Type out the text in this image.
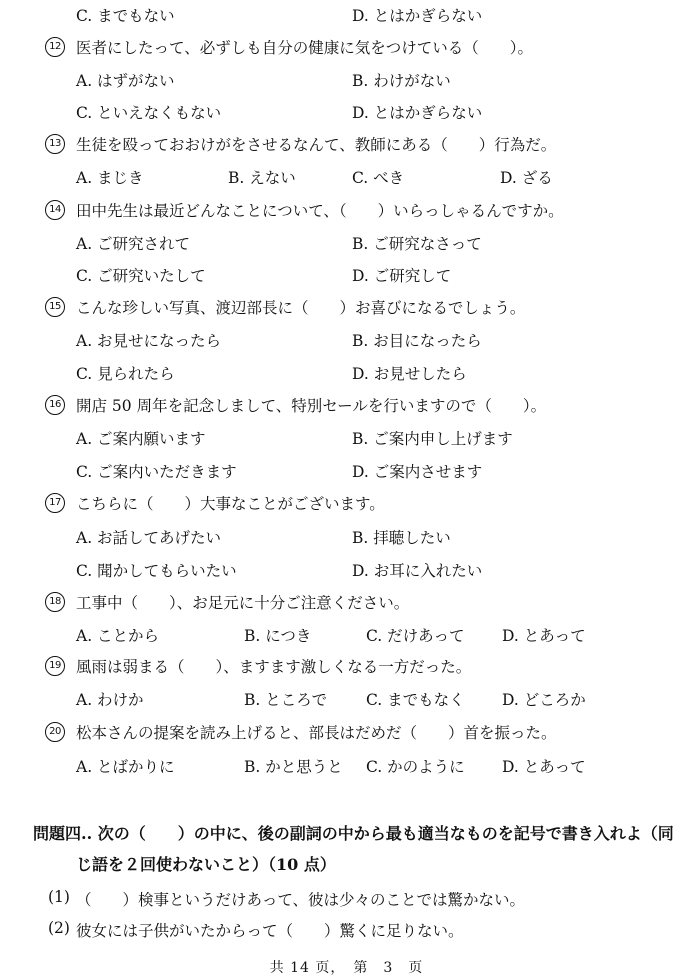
C. までもない	D. とはかぎらない
12 医者にしたって、必ずしも自分の健康に気をつけている（　　）。
A. はずがない	B. わけがない
C. といえなくもない	D. とはかぎらない
13 生徒を殴っておおけがをさせるなんて、教師にある（　　）行為だ。
A. まじき	B. えない	C. べき	D. ざる
14 田中先生は最近どんなことについて、（　　）いらっしゃるんですか。
A. ご研究されて	B. ご研究なさって
C. ご研究いたして	D. ご研究して
15 こんな珍しい写真、渡辺部長に（　　）お喜びになるでしょう。
A. お見せになったら	B. お目になったら
C. 見られたら	D. お見せしたら
16 開店 50 周年を記念しまして、特別セールを行いますので（　　）。
A. ご案内願います	B. ご案内申し上げます
C. ご案内いただきます	D. ご案内させます
17 こちらに（　　）大事なことがございます。
A. お話してあげたい	B. 拝聴したい
C. 聞かしてもらいたい	D. お耳に入れたい
18 工事中（　　）、お足元に十分ご注意ください。
A. ことから	B. につき	C. だけあって D. とあって
19 風雨は弱まる（　　）、ますます激しくなる一方だった。
A. わけか	B. ところで	C. までもなく D. どころか
20 松本さんの提案を読み上げると、部長はだめだ（　　）首を振った。
A. とばかりに	B. かと思うと C. かのように D. とあって
問題四.. 次の（　　）の中に、後の副詞の中から最も適当なものを記号で書き入れよ（同
じ語を２回使わないこと）（10 点）
(1) （　　）検事というだけあって、彼は少々のことでは驚かない。
(2) 彼女には子供がいたからって（　　）驚くに足りない。
共 14 页，　第　3　页
